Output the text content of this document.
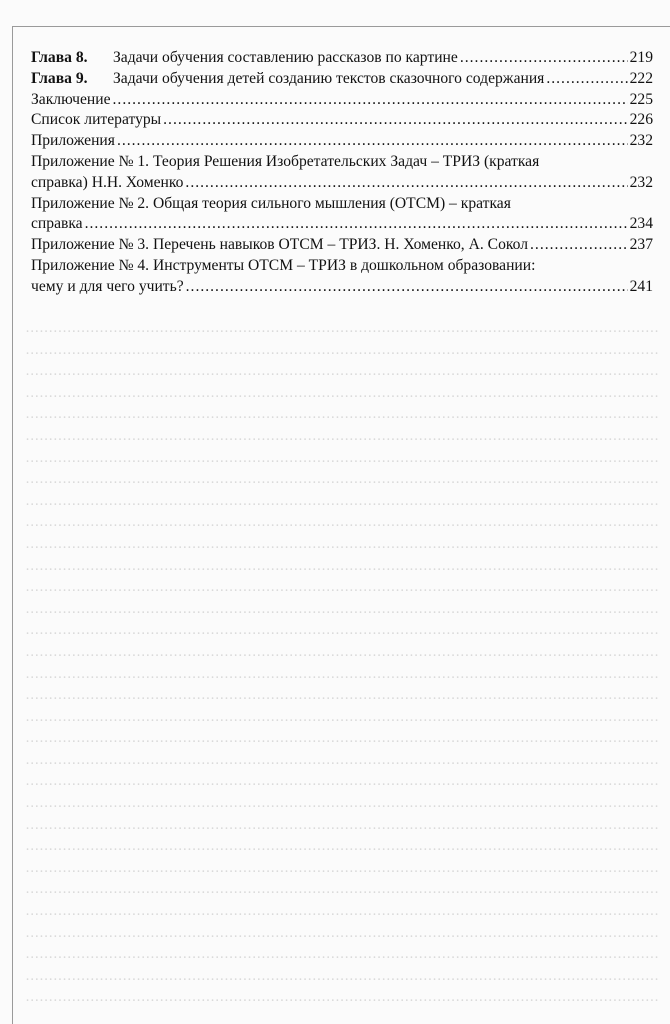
.....

.....

.....

.....

.....

.....

.....

.....

.....

.....

.....

.....

.....

.....

.....

.....

.....

.....

.....

.....

.....

.....

.....

.....

.....

.....

.....

.....

.....

.....

.....

.....

Глава 8. Задачи обучения составлению рассказов по картине .....	219
Глава 9. Задачи обучения детей созданию текстов сказочного содержания .....	222
Заключение .....	225
Список литературы .....	226
Приложения .....	232
Приложение № 1. Теория Решения Изобретательских Задач – ТРИЗ (краткая
справка) Н.Н. Хоменко .....	232
Приложение № 2. Общая теория сильного мышления (ОТСМ) – краткая
справка .....	234
Приложение № 3. Перечень навыков ОТСМ – ТРИЗ. Н. Хоменко, А. Сокол .....	237
Приложение № 4. Инструменты ОТСМ – ТРИЗ в дошкольном образовании:
чему и для чего учить? .....	241
